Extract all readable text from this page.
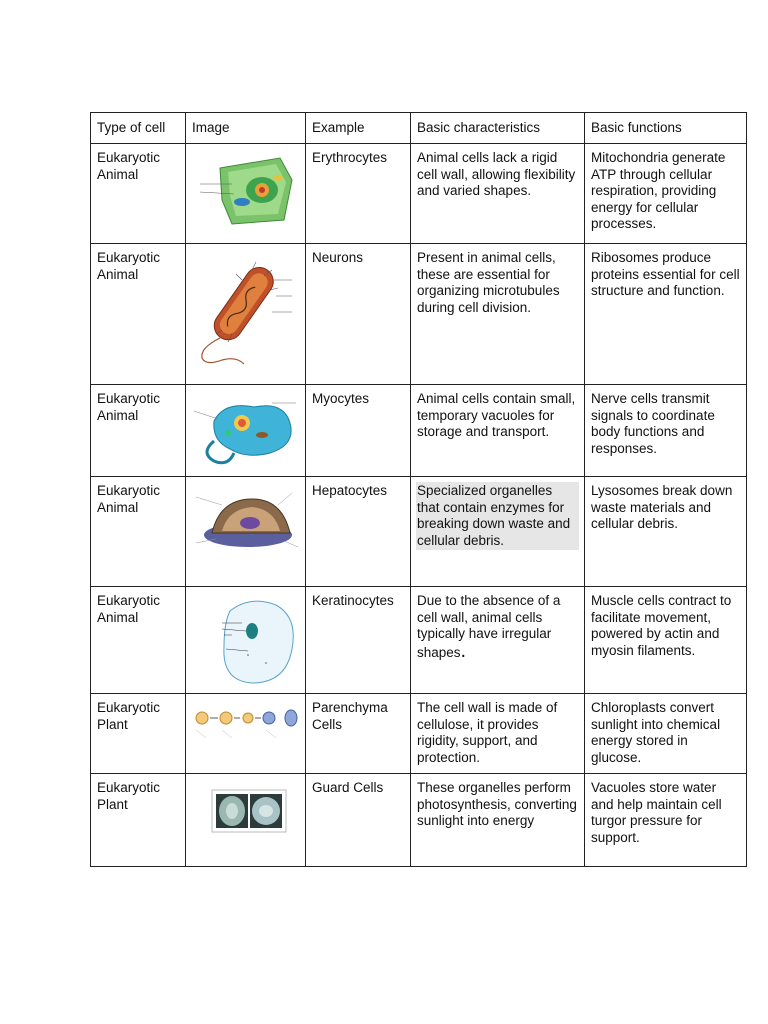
Type of cell	Image	Example	Basic characteristics	Basic functions
Eukaryotic Animal		Erythrocytes	Animal cells lack a rigid cell wall, allowing flexibility and varied shapes.	Mitochondria generate ATP through cellular respiration, providing energy for cellular processes.
Eukaryotic Animal		Neurons	Present in animal cells, these are essential for organizing microtubules during cell division.	Ribosomes produce proteins essential for cell structure and function.
Eukaryotic Animal		Myocytes	Animal cells contain small, temporary vacuoles for storage and transport.	Nerve cells transmit signals to coordinate body functions and responses.
Eukaryotic Animal		Hepatocytes	Specialized organelles that contain enzymes for breaking down waste and cellular debris.	Lysosomes break down waste materials and cellular debris.
Eukaryotic Animal		Keratinocytes	Due to the absence of a cell wall, animal cells typically have irregular shapes.	Muscle cells contract to facilitate movement, powered by actin and myosin filaments.
Eukaryotic Plant		Parenchyma Cells	The cell wall is made of cellulose, it provides rigidity, support, and protection.	Chloroplasts convert sunlight into chemical energy stored in glucose.
Eukaryotic Plant		Guard Cells	These organelles perform photosynthesis, converting sunlight into energy	Vacuoles store water and help maintain cell turgor pressure for support.
